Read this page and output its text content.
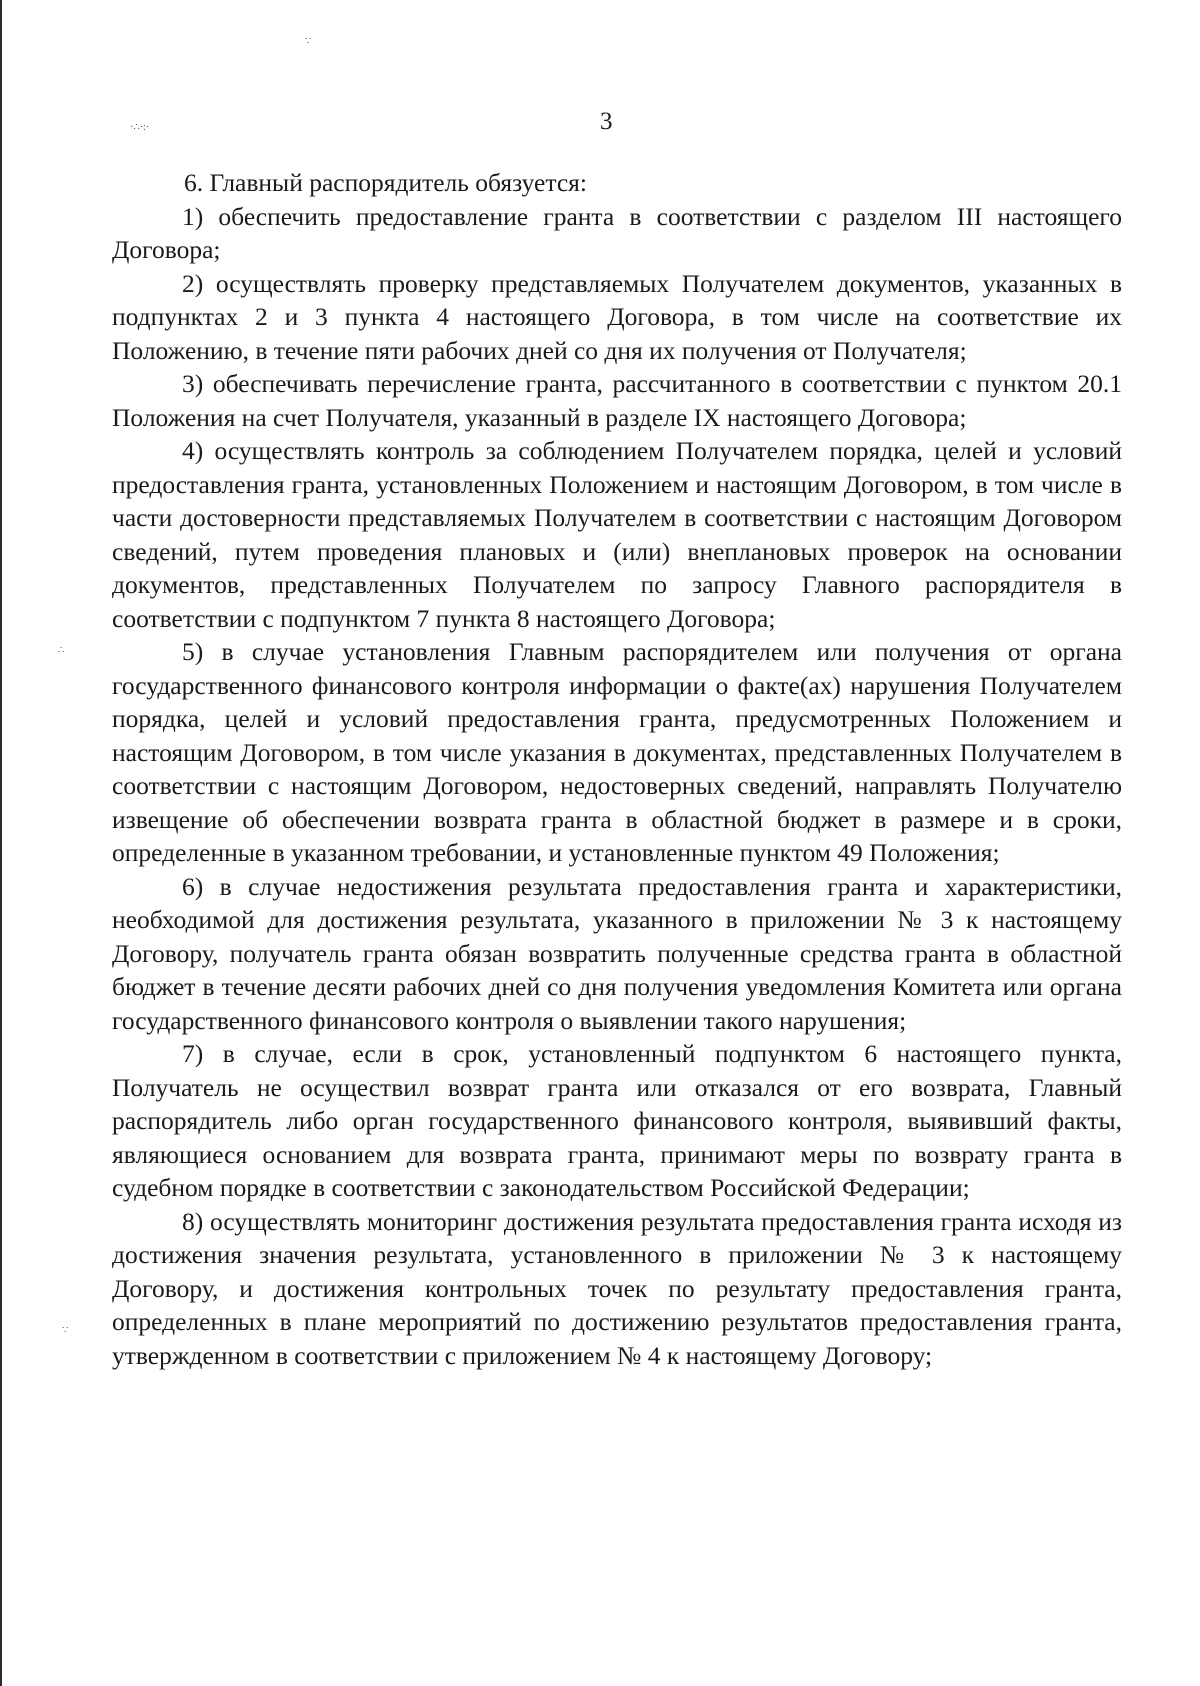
·∴·:·
∵
∴
∵
3

6. Главный распорядитель обязуется:

1) обеспечить предоставление гранта в соответствии с разделом III настоящего Договора;

2) осуществлять проверку представляемых Получателем документов, указанных в подпунктах 2 и 3 пункта 4 настоящего Договора, в том числе на соответствие их Положению, в течение пяти рабочих дней со дня их получения от Получателя;

3) обеспечивать перечисление гранта, рассчитанного в соответствии с пунктом 20.1 Положения на счет Получателя, указанный в разделе IX настоящего Договора;

4) осуществлять контроль за соблюдением Получателем порядка, целей и условий предоставления гранта, установленных Положением и настоящим Договором, в том числе в части достоверности представляемых Получателем в соответствии с настоящим Договором сведений, путем проведения плановых и (или) внеплановых проверок на основании документов, представленных Получателем по запросу Главного распорядителя в соответствии с подпунктом 7 пункта 8 настоящего Договора;

5) в случае установления Главным распорядителем или получения от органа государственного финансового контроля информации о факте(ах) нарушения Получателем порядка, целей и условий предоставления гранта, предусмотренных Положением и настоящим Договором, в том числе указания в документах, представленных Получателем в соответствии с настоящим Договором, недостоверных сведений, направлять Получателю извещение об обеспечении возврата гранта в областной бюджет в размере и в сроки, определенные в указанном требовании, и установленные пунктом 49 Положения;

6) в случае недостижения результата предоставления гранта и характеристики, необходимой для достижения результата, указанного в приложении № 3 к настоящему Договору, получатель гранта обязан возвратить полученные средства гранта в областной бюджет в течение десяти рабочих дней со дня получения уведомления Комитета или органа государственного финансового контроля о выявлении такого нарушения;

7) в случае, если в срок, установленный подпунктом 6 настоящего пункта, Получатель не осуществил возврат гранта или отказался от его возврата, Главный распорядитель либо орган государственного финансового контроля, выявивший факты, являющиеся основанием для возврата гранта, принимают меры по возврату гранта в судебном порядке в соответствии с законодательством Российской Федерации;

8) осуществлять мониторинг достижения результата предоставления гранта исходя из достижения значения результата, установленного в приложении № 3 к настоящему Договору, и достижения контрольных точек по результату предоставления гранта, определенных в плане мероприятий по достижению результатов предоставления гранта, утвержденном в соответствии с приложением № 4 к настоящему Договору;
